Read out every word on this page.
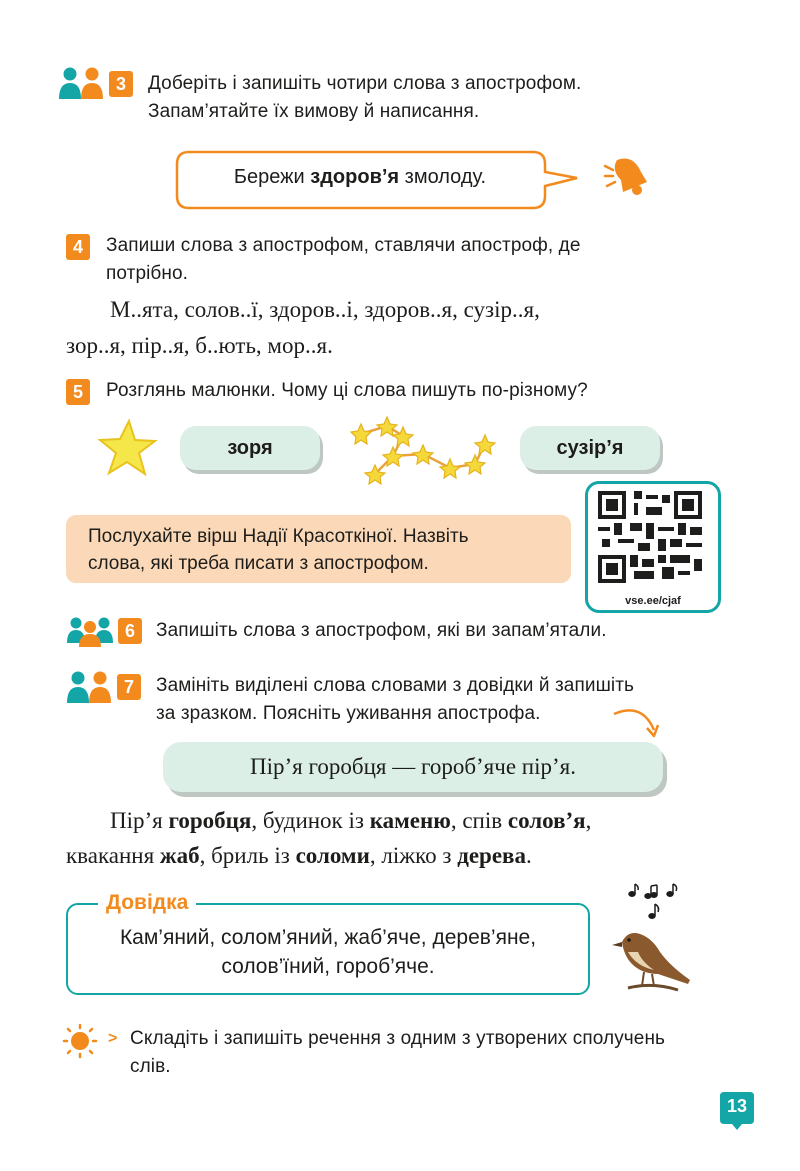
3	Доберіть і запишіть чотири слова з апострофом.
Запам’ятайте їх вимову й написання.
Бережи здоров’я змолоду.
4	Запиши слова з апострофом, ставлячи апостроф, де
потрібно.
М..ята, солов..ї, здоров..і, здоров..я, сузір..я,
зор..я, пір..я, б..ють, мор..я.
5	Розглянь малюнки. Чому ці слова пишуть по-різному?
зоря	сузір’я
Послухайте вірш Надії Красоткіної. Назвіть
слова, які треба писати з апострофом.
vse.ee/cjaf
6	Запишіть слова з апострофом, які ви запам’ятали.
7	Замініть виділені слова словами з довідки й запишіть
за зразком. Поясніть уживання апострофа.
Пір’я горобця — гороб’яче пір’я.
Пір’я горобця, будинок із каменю, спів солов’я,
квакання жаб, бриль із соломи, ліжко з дерева.
Довідка
Кам’яний, солом’яний, жаб’яче, дерев’яне,
солов’їний, гороб’яче.
> Складіть і запишіть речення з одним з утворених сполучень
слів.
13
